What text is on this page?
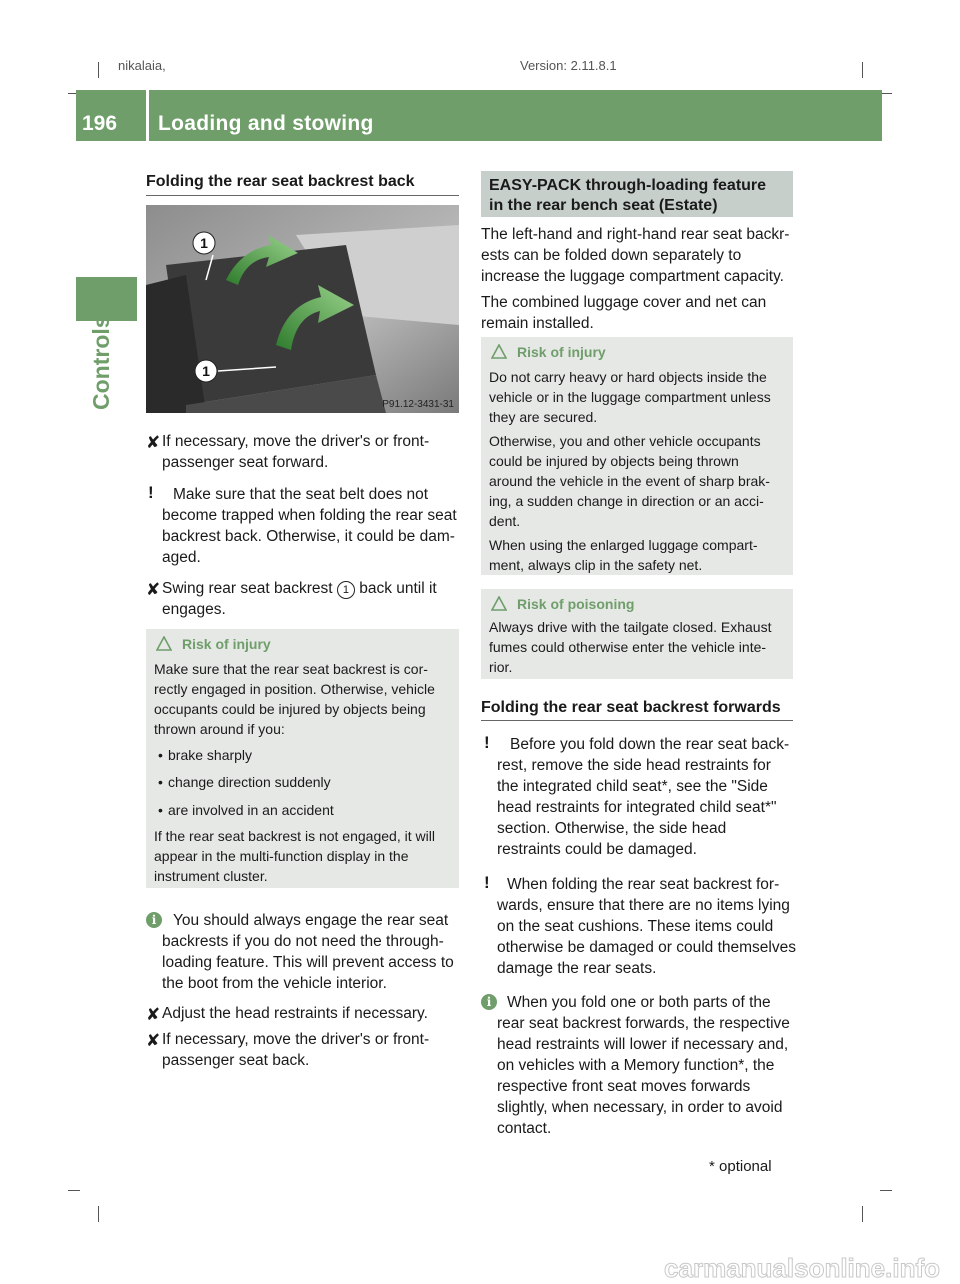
nikalaia,	Version: 2.11.8.1
196 Loading and stowing
Controls
Folding the rear seat backrest back
1
1
P91.12-3431-31
✘ If necessary, move the driver's or front-

passenger seat forward.

! Make sure that the seat belt does not

become trapped when folding the rear seat

backrest back. Otherwise, it could be dam-

aged.

✘ Swing rear seat backrest 1 back until it

engages.

Risk of injury

Make sure that the rear seat backrest is cor-

rectly engaged in position. Otherwise, vehicle

occupants could be injured by objects being

thrown around if you:

• brake sharply

• change direction suddenly

• are involved in an accident

If the rear seat backrest is not engaged, it will

appear in the multi-function display in the

instrument cluster.

i	You should always engage the rear seat

backrests if you do not need the through-

loading feature. This will prevent access to

the boot from the vehicle interior.

✘ Adjust the head restraints if necessary.

✘ If necessary, move the driver's or front-

passenger seat back.

EASY-PACK through-loading feature
in the rear bench seat (Estate)

The left-hand and right-hand rear seat backr-

ests can be folded down separately to

increase the luggage compartment capacity.

The combined luggage cover and net can

remain installed.

Risk of injury

Do not carry heavy or hard objects inside the

vehicle or in the luggage compartment unless

they are secured.

Otherwise, you and other vehicle occupants

could be injured by objects being thrown

around the vehicle in the event of sharp brak-

ing, a sudden change in direction or an acci-

dent.

When using the enlarged luggage compart-

ment, always clip in the safety net.

Risk of poisoning

Always drive with the tailgate closed. Exhaust

fumes could otherwise enter the vehicle inte-

rior.

Folding the rear seat backrest forwards
! Before you fold down the rear seat back-

rest, remove the side head restraints for

the integrated child seat*, see the "Side

head restraints for integrated child seat*"

section. Otherwise, the side head

restraints could be damaged.

! When folding the rear seat backrest for-

wards, ensure that there are no items lying

on the seat cushions. These items could

otherwise be damaged or could themselves

damage the rear seats.

i	When you fold one or both parts of the

rear seat backrest forwards, the respective

head restraints will lower if necessary and,

on vehicles with a Memory function*, the

respective front seat moves forwards

slightly, when necessary, in order to avoid

contact.

* optional
carmanualsonline.info
